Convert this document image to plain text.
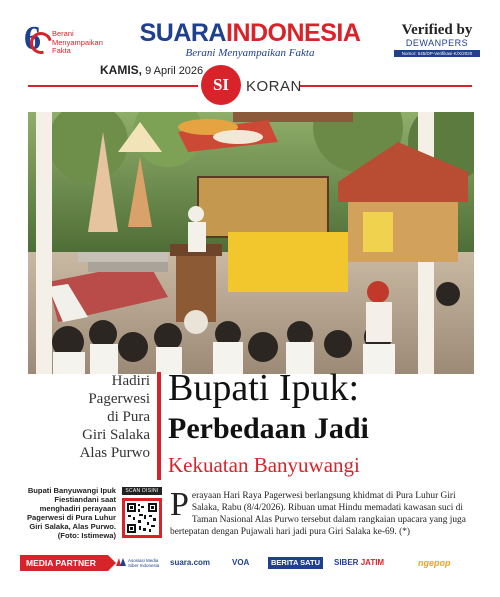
6 Berani
Menyampaikan
Fakta
SUARAINDONESIA
Berani Menyampaikan Fakta
Verified by
DEWANPERS
Nomor: 545/DP-Verifikasi-K/X/2020
KAMIS, 9 April 2026
SI	KORAN
Hadiri
Pagerwesi
di Pura
Giri Salaka
Alas Purwo
Bupati Ipuk:
Perbedaan Jadi
Kekuatan Banyuwangi
Bupati Banyuwangi Ipuk Fiestiandani saat menghadiri perayaan Pagerwesi di Pura Luhur Giri Salaka, Alas Purwo. (Foto: Istimewa)
SCAN DISINI Perayaan Hari Raya Pagerwesi berlangsung khidmat di Pura Luhur Giri Salaka, Rabu (8/4/2026). Ribuan umat Hindu memadati kawasan suci di Taman Nasional Alas Purwo tersebut dalam rangkaian upacara yang juga bertepatan dengan Pujawali hari jadi pura Giri Salaka ke-69. (*)
MEDIA PARTNER	Asosiasi Media Siber Indonesia	suara.com	VOA	BERITA SATU	SIBER JATIM	ngepop
